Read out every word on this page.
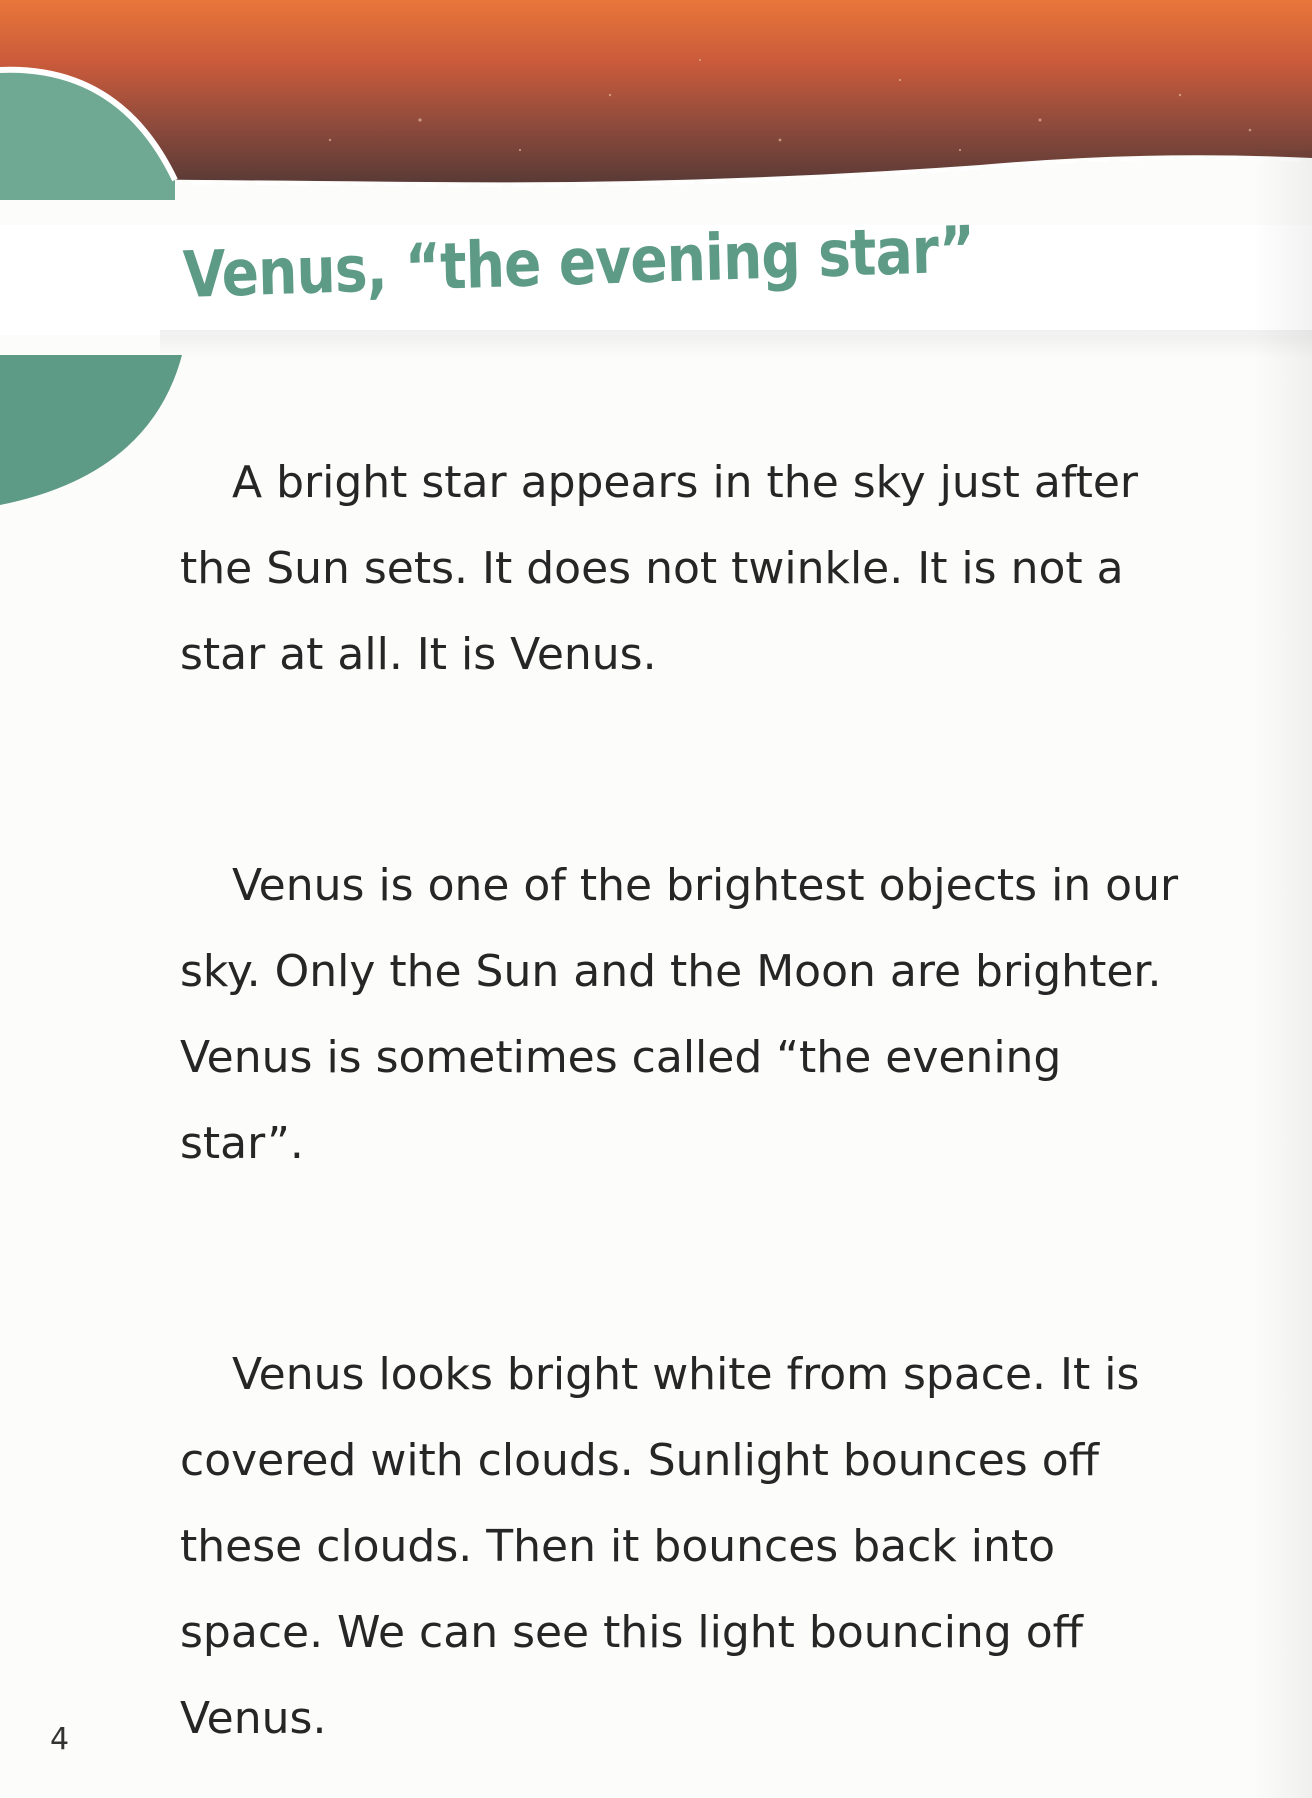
Venus, “the evening star”

A bright star appears in the sky just after the Sun sets. It does not twinkle. It is not a star at all. It is Venus.

Venus is one of the brightest objects in our sky. Only the Sun and the Moon are brighter. Venus is sometimes called “the evening star”.

Venus looks bright white from space. It is covered with clouds. Sunlight bounces off these clouds. Then it bounces back into space. We can see this light bouncing off Venus.

4
